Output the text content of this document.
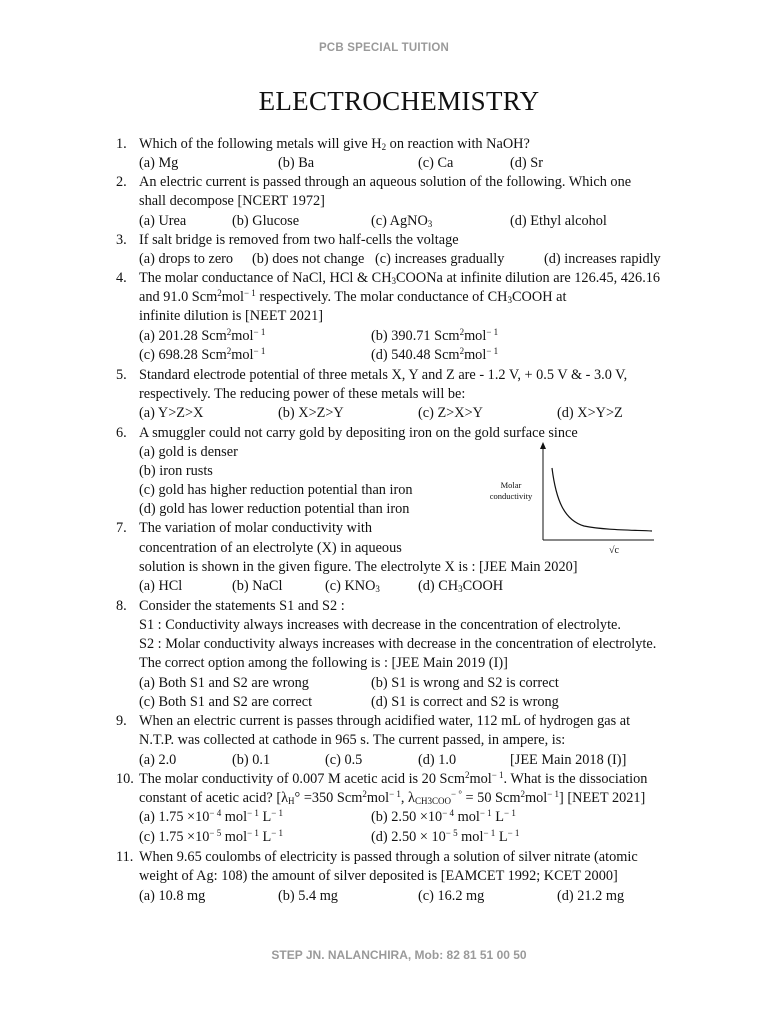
PCB SPECIAL TUITION
ELECTROCHEMISTRY
1. Which of the following metals will give $H_2$ on reaction with NaOH?
(a) Mg	(b) Ba	(c) Ca	(d) Sr
2. An electric current is passed through an aqueous solution of the following. Which one
shall decompose [NCERT 1972]
(a) Urea	(b) Glucose	(c) AgNO$_3$	(d) Ethyl alcohol
3. If salt bridge is removed from two half-cells the voltage
(a) drops to zero (b) does not change (c) increases gradually	(d) increases rapidly
4. The molar conductance of NaCl, HCl & $CH_3COONa$ at infinite dilution are 126.45, 426.16
and 91.0 Scm$^2$mol$^{- 1}$ respectively. The molar conductance of $CH_3COOH$ at
infinite dilution is [NEET 2021]
(a) 201.28 Scm$^2$mol$^{- 1}$	(b) 390.71 Scm$^2$mol$^{- 1}$
(c) 698.28 Scm$^2$mol$^{- 1}$	(d) 540.48 Scm$^2$mol$^{- 1}$
5. Standard electrode potential of three metals X, Y and Z are - 1.2 V, + 0.5 V & - 3.0 V,
respectively. The reducing power of these metals will be:
(a) Y>Z>X	(b) X>Z>Y	(c) Z>X>Y	(d) X>Y>Z
6. A smuggler could not carry gold by depositing iron on the gold surface since
(a) gold is denser
(b) iron rusts
(c) gold has higher reduction potential than iron
(d) gold has lower reduction potential than iron
Molar
conductivity
√c
7. The variation of molar conductivity with
concentration of an electrolyte (X) in aqueous
solution is shown in the given figure. The electrolyte X is : [JEE Main 2020]
(a) HCl	(b) NaCl	(c) $KNO_3$	(d) $CH_3COOH$
8. Consider the statements S1 and S2 :
S1 : Conductivity always increases with decrease in the concentration of electrolyte.
S2 : Molar conductivity always increases with decrease in the concentration of electrolyte.
The correct option among the following is : [JEE Main 2019 (I)]
(a) Both S1 and S2 are wrong	(b) S1 is wrong and S2 is correct
(c) Both S1 and S2 are correct	(d) S1 is correct and S2 is wrong
9. When an electric current is passes through acidified water, 112 mL of hydrogen gas at
N.T.P. was collected at cathode in 965 s. The current passed, in ampere, is:
(a) 2.0	(b) 0.1	(c) 0.5	(d) 1.0	[JEE Main 2018 (I)]
10. The molar conductivity of 0.007 M acetic acid is 20 Scm$^2$mol$^{- 1}$. What is the dissociation
constant of acetic acid? [$\lambda_H^\circ =350$ Scm$^2$mol$^{- 1}$, $\lambda_{CH3COO}^{- ^\circ} = 50$ Scm$^2$mol$^{- 1}$] [NEET 2021]
(a) $1.75 \times 10^{- 4}$ mol$^{- 1}$ $L^{- 1}$	(b) $2.50 \times 10^{- 4}$ mol$^{- 1}$ $L^{- 1}$
(c) $1.75 \times 10^{- 5}$ mol$^{- 1}$ $L^{- 1}$	(d) $2.50 \times 10^{- 5}$ mol$^{- 1}$ $L^{- 1}$
11. When 9.65 coulombs of electricity is passed through a solution of silver nitrate (atomic
weight of Ag: 108) the amount of silver deposited is [EAMCET 1992; KCET 2000]
(a) 10.8 mg	(b) 5.4 mg	(c) 16.2 mg	(d) 21.2 mg
STEP JN. NALANCHIRA, Mob: 82 81 51 00 50
